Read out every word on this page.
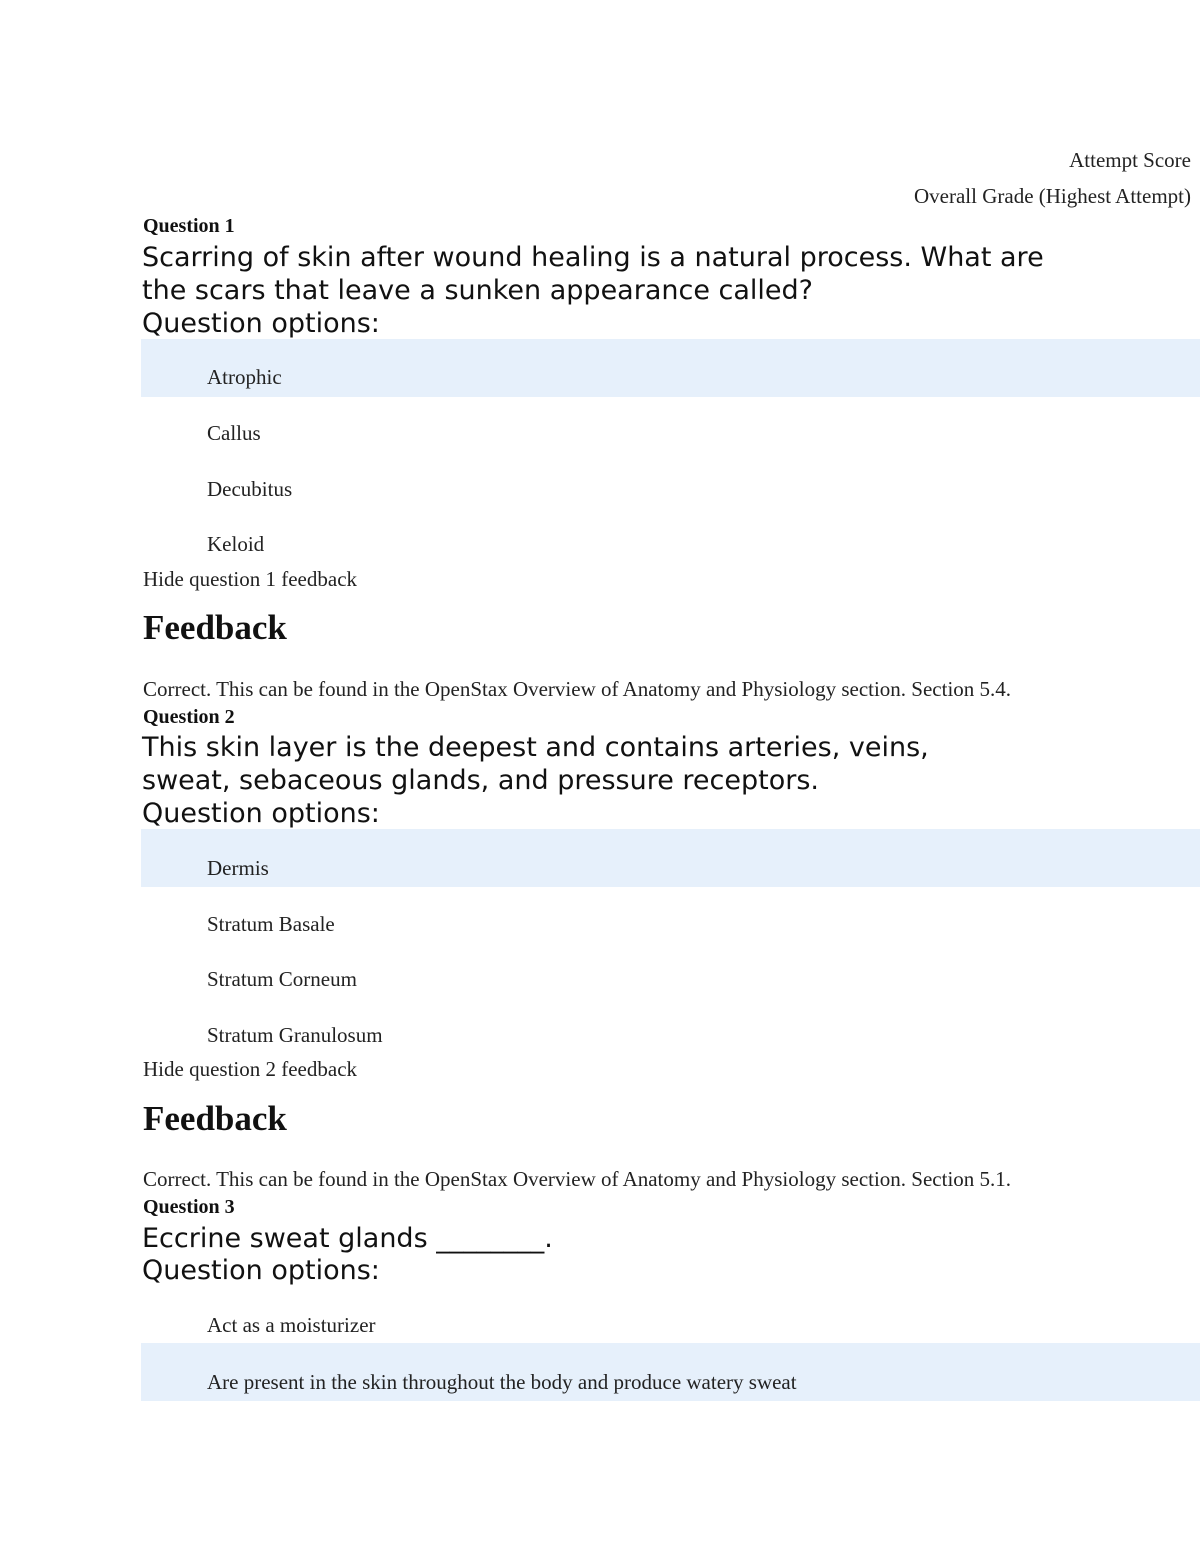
Attempt Score
Overall Grade (Highest Attempt)
Question 1
Scarring of skin after wound healing is a natural process. What are the scars that leave a sunken appearance called?
Question options:
Atrophic
Callus
Decubitus
Keloid
Hide question 1 feedback
Feedback
Correct. This can be found in the OpenStax Overview of Anatomy and Physiology section. Section 5.4.
Question 2
This skin layer is the deepest and contains arteries, veins, sweat, sebaceous glands, and pressure receptors.
Question options:
Dermis
Stratum Basale
Stratum Corneum
Stratum Granulosum
Hide question 2 feedback
Feedback
Correct. This can be found in the OpenStax Overview of Anatomy and Physiology section. Section 5.1.
Question 3
Eccrine sweat glands ________.
Question options:
Act as a moisturizer
Are present in the skin throughout the body and produce watery sweat
